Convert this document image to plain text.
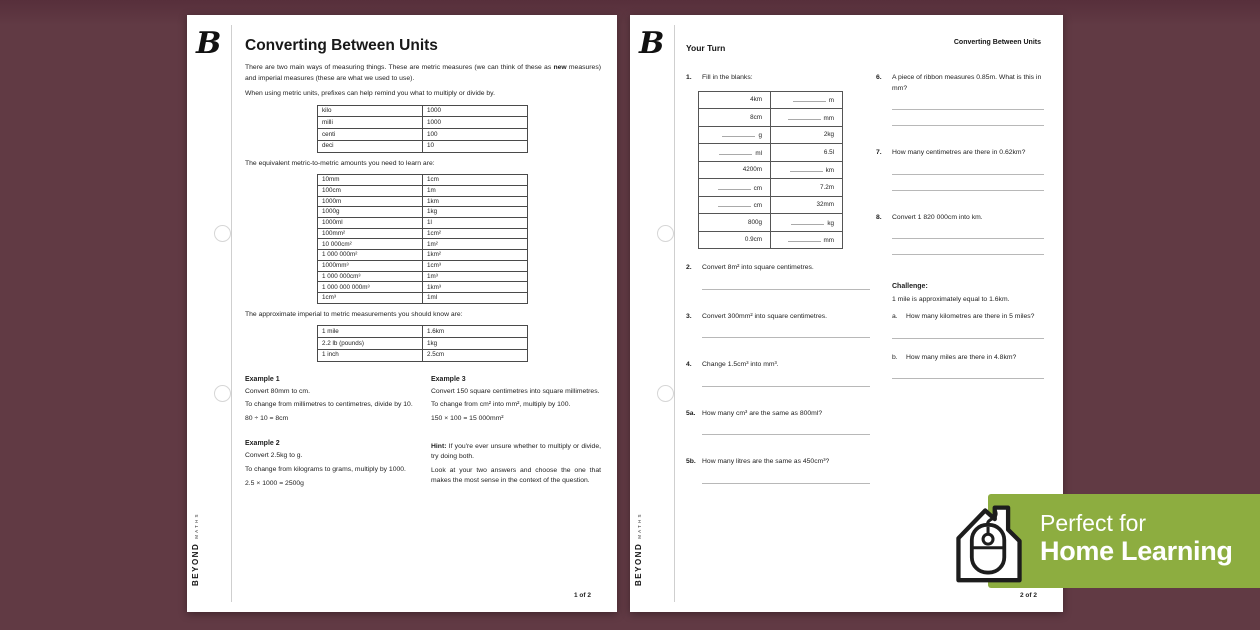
B
BEYONDMATHS
Converting Between Units

There are two main ways of measuring things. These are metric measures (we can think of these as new measures) and imperial measures (these are what we used to use).

When using metric units, prefixes can help remind you what to multiply or divide by.

kilo	1000
milli	1000
centi	100
deci	10

The equivalent metric-to-metric amounts you need to learn are:

10mm	1cm
100cm	1m
1000m	1km
1000g	1kg
1000ml	1l
100mm²	1cm²
10 000cm²	1m²
1 000 000m²	1km²
1000mm³	1cm³
1 000 000cm³	1m³
1 000 000 000m³	1km³
1cm³	1ml

The approximate imperial to metric measurements you should know are:

1 mile	1.6km
2.2 lb (pounds)	1kg
1 inch	2.5cm
Example 1

Convert 80mm to cm.

To change from millimetres to centimetres, divide by 10.

80 ÷ 10 = 8cm

Example 2

Convert 2.5kg to g.

To change from kilograms to grams, multiply by 1000.

2.5 × 1000 = 2500g

Example 3

Convert 150 square centimetres into square millimetres.

To change from cm² into mm², multiply by 100.

150 × 100 = 15 000mm²

Hint: If you're ever unsure whether to multiply or divide, try doing both.

Look at your two answers and choose the one that makes the most sense in the context of the question.

1 of 2
B
BEYONDMATHS
Converting Between Units
Your Turn
1.	Fill in the blanks:
4km	m
8cm	mm
g	2kg
ml	6.5l
4200m	km
cm	7.2m
cm	32mm
800g	kg
0.9cm	mm
2.	Convert 8m² into square centimetres.
3.	Convert 300mm² into square centimetres.
4.	Change 1.5cm³ into mm³.
5a. How many cm³ are the same as 800ml?
5b. How many litres are the same as 450cm³?
6.	A piece of ribbon measures 0.85m. What is this in mm?
7.	How many centimetres are there in 0.62km?
8.	Convert 1 820 000cm into km.
Challenge:

1 mile is approximately equal to 1.6km.

a.	How many kilometres are there in 5 miles?
b.	How many miles are there in 4.8km?
2 of 2
Perfect for
Home Learning
